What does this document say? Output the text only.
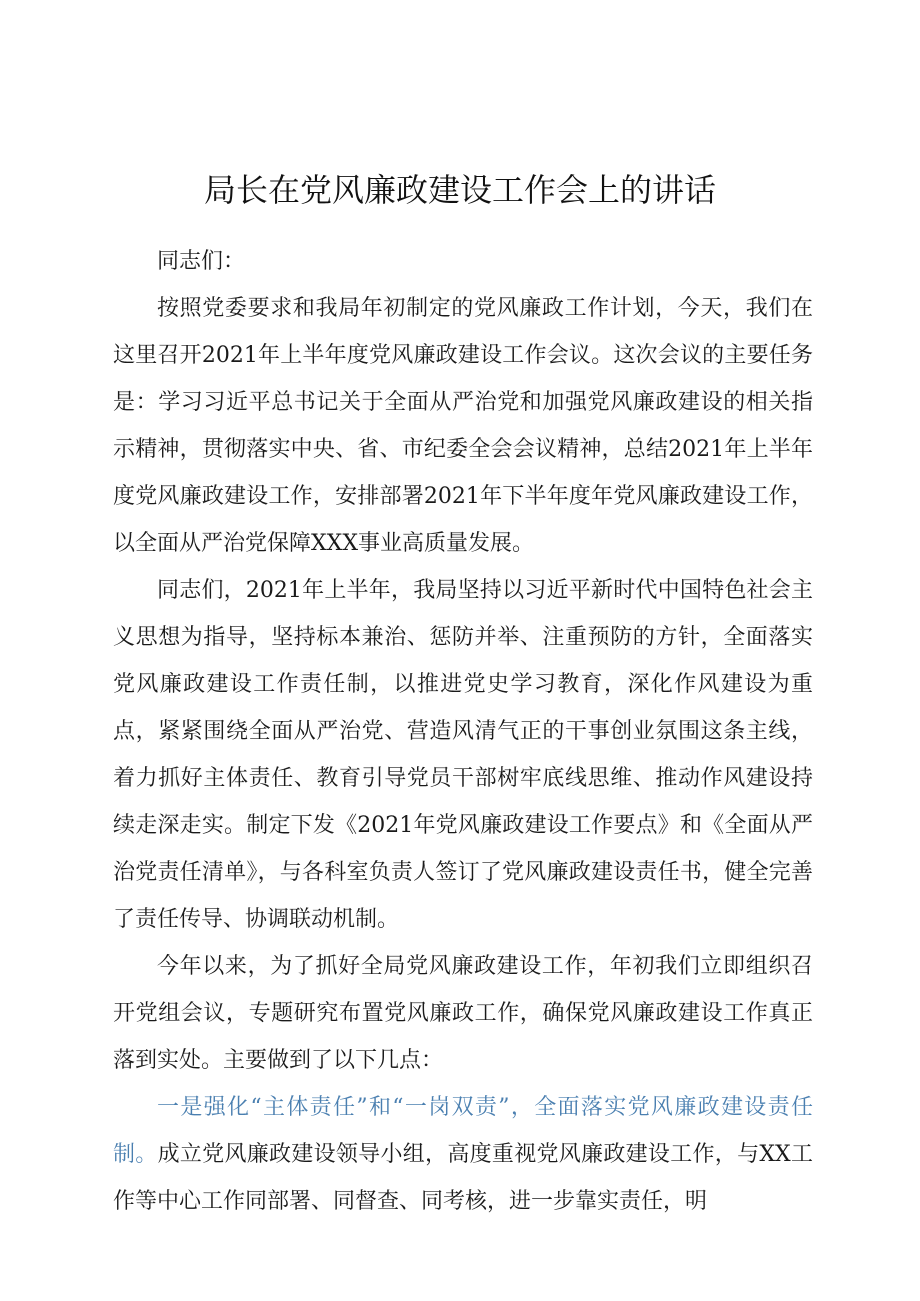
局长在党风廉政建设工作会上的讲话

同志们：

按照党委要求和我局年初制定的党风廉政工作计划，今天，我们在这里召开2021年上半年度党风廉政建设工作会议。这次会议的主要任务是：学习习近平总书记关于全面从严治党和加强党风廉政建设的相关指示精神，贯彻落实中央、省、市纪委全会会议精神，总结2021年上半年度党风廉政建设工作，安排部署2021年下半年度年党风廉政建设工作，以全面从严治党保障XXX事业高质量发展。

同志们，2021年上半年，我局坚持以习近平新时代中国特色社会主义思想为指导，坚持标本兼治、惩防并举、注重预防的方针，全面落实党风廉政建设工作责任制，以推进党史学习教育，深化作风建设为重点，紧紧围绕全面从严治党、营造风清气正的干事创业氛围这条主线，着力抓好主体责任、教育引导党员干部树牢底线思维、推动作风建设持续走深走实。制定下发《2021年党风廉政建设工作要点》和《全面从严治党责任清单》，与各科室负责人签订了党风廉政建设责任书，健全完善了责任传导、协调联动机制。

今年以来，为了抓好全局党风廉政建设工作，年初我们立即组织召开党组会议，专题研究布置党风廉政工作，确保党风廉政建设工作真正落到实处。主要做到了以下几点：

一是强化“主体责任”和“一岗双责”，全面落实党风廉政建设责任制。成立党风廉政建设领导小组，高度重视党风廉政建设工作，与XX工作等中心工作同部署、同督查、同考核，进一步靠实责任，明
